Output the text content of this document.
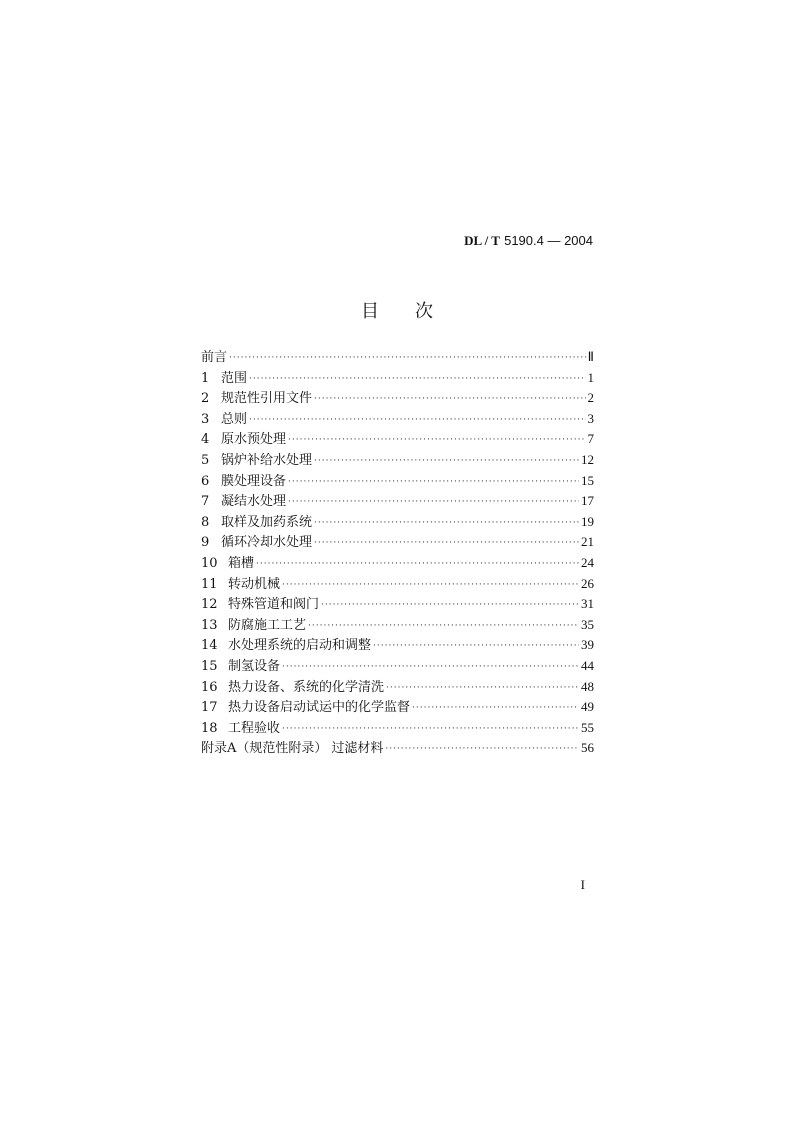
DL / T 5190.4 — 2004
目次
前言 ·····	Ⅱ
1 范围 ·····	1
2 规范性引用文件 ·····	2
3 总则 ·····	3
4 原水预处理 ·····	7
5 锅炉补给水处理 ·····	12
6 膜处理设备 ·····	15
7 凝结水处理 ·····	17
8 取样及加药系统 ·····	19
9 循环冷却水处理 ·····	21
10 箱槽 ·····	24
11 转动机械 ·····	26
12 特殊管道和阀门 ·····	31
13 防腐施工工艺 ·····	35
14 水处理系统的启动和调整 ·····	39
15 制氢设备 ·····	44
16 热力设备、系统的化学清洗 ·····	48
17 热力设备启动试运中的化学监督 ·····	49
18 工程验收 ·····	55
附录A（规范性附录） 过滤材料 ·····	56
I
